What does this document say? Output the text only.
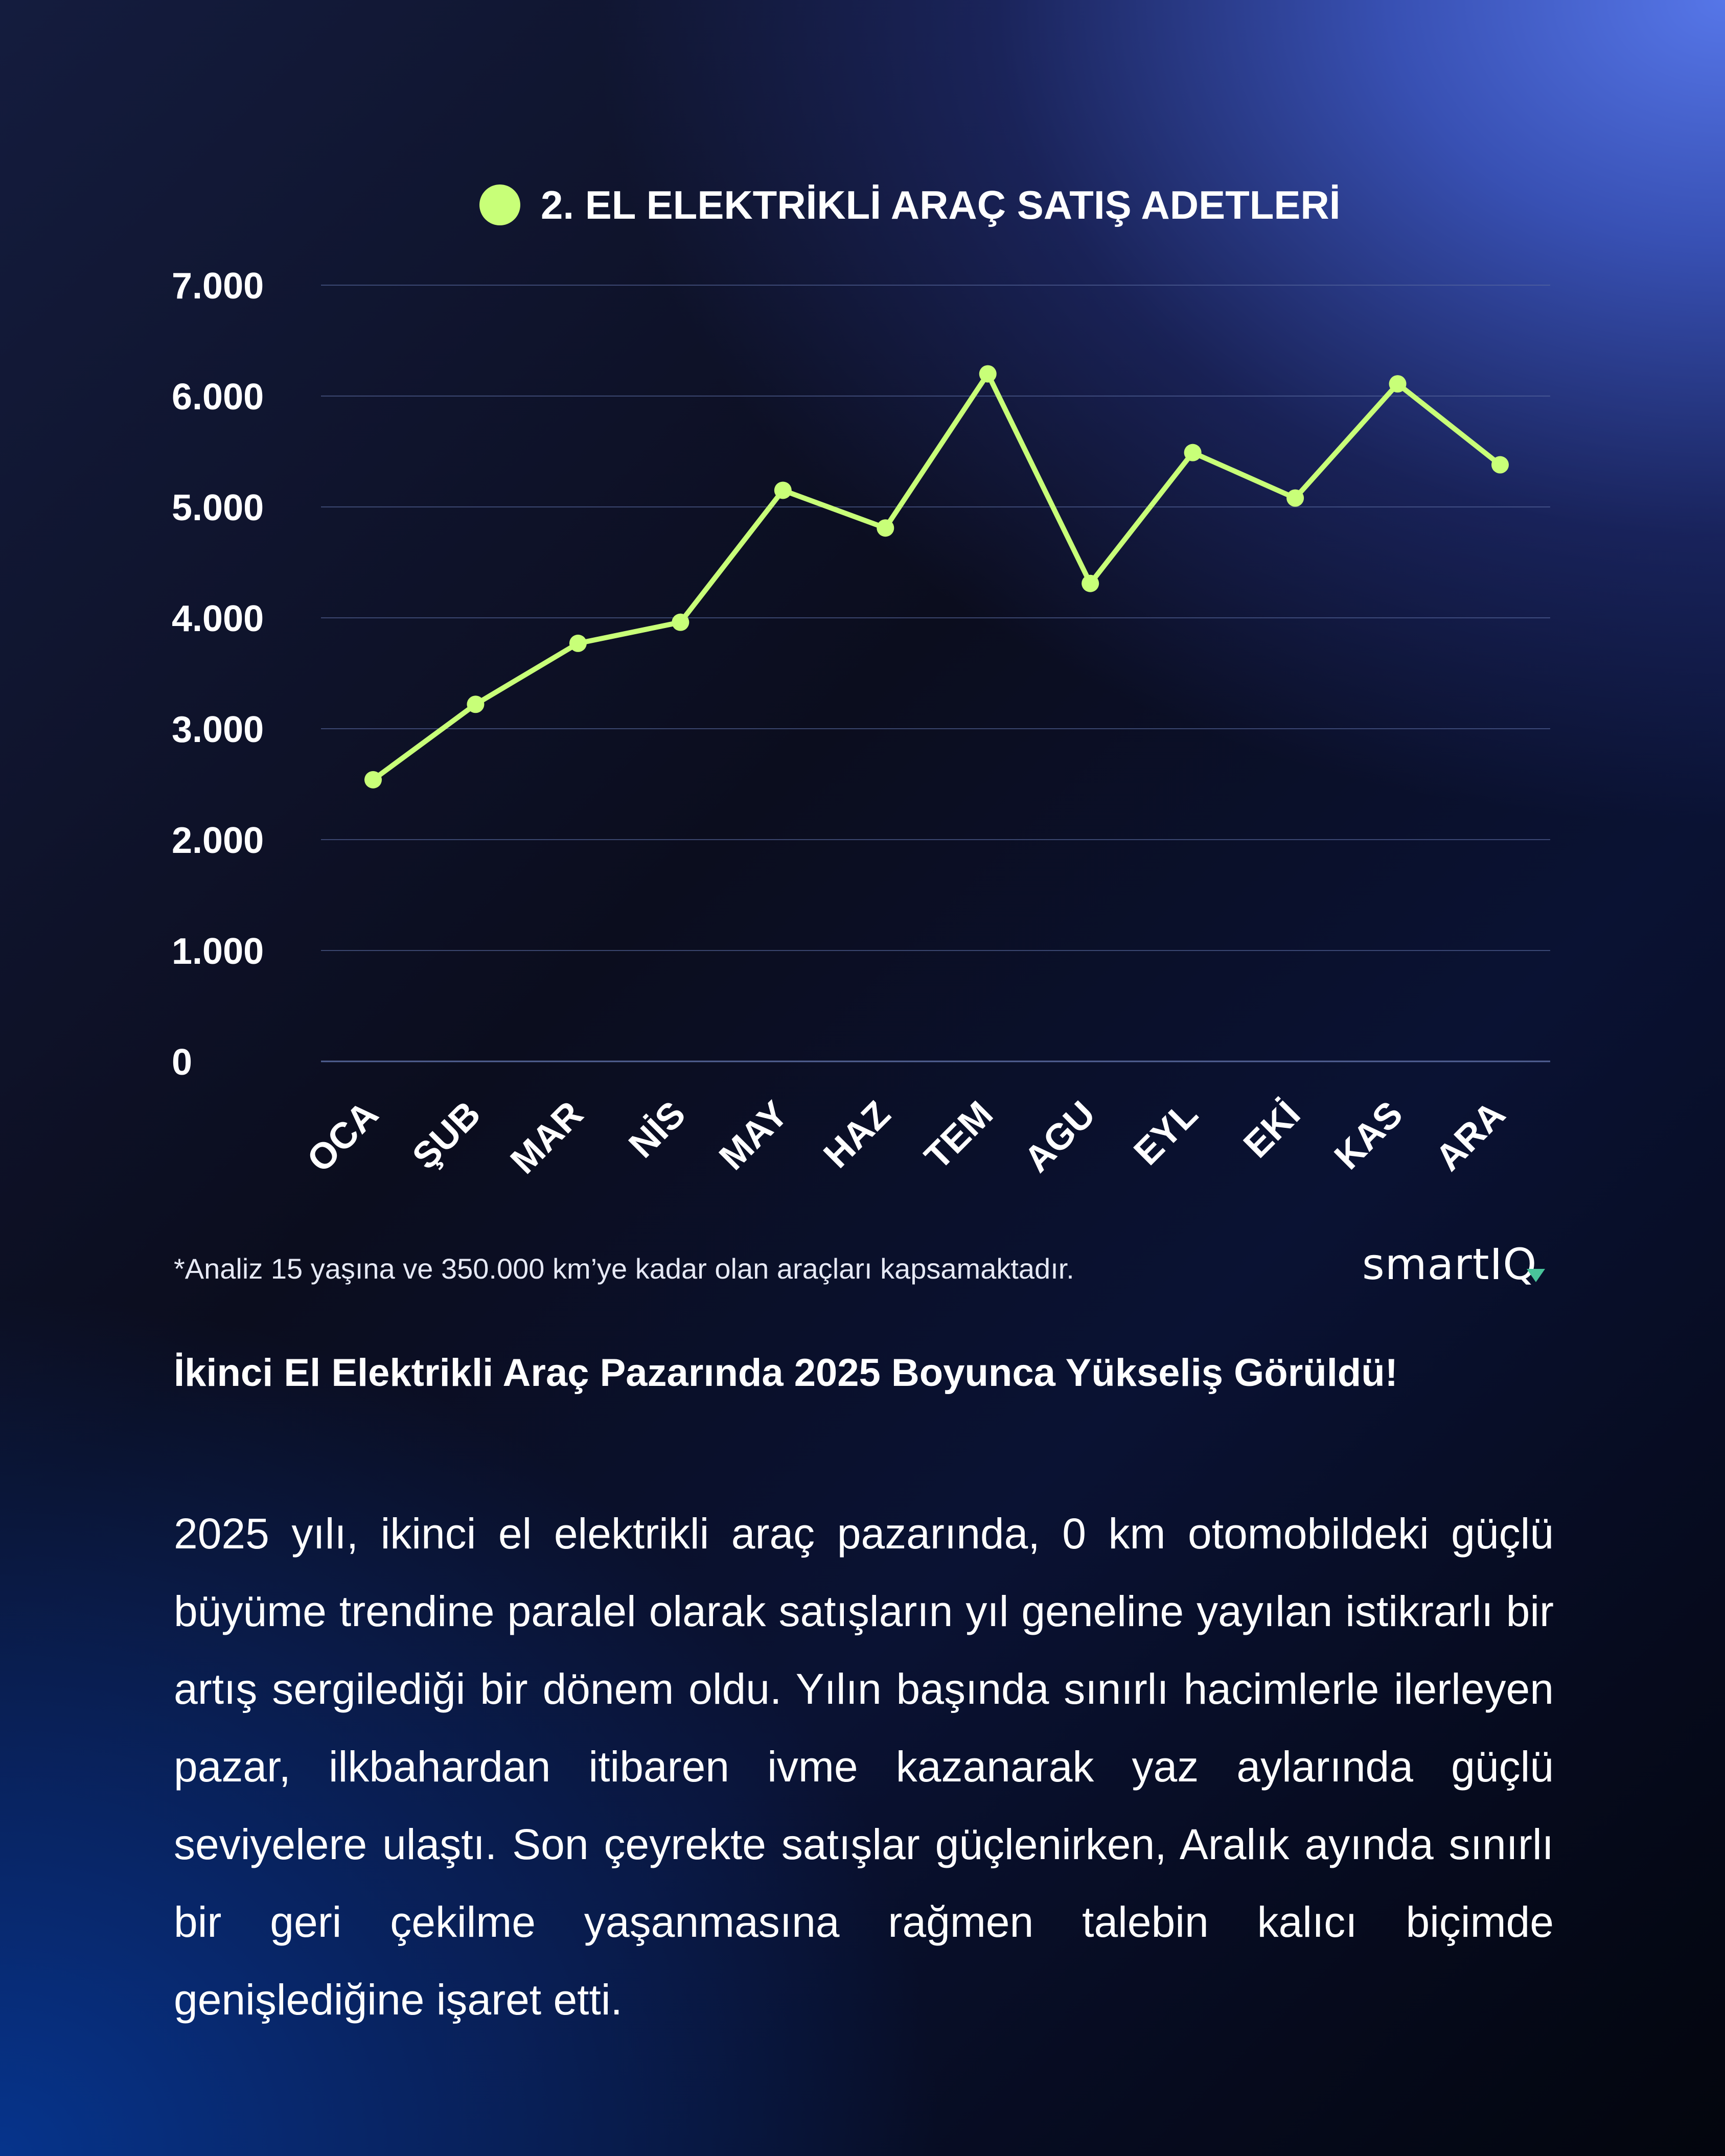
2. EL ELEKTRİKLİ ARAÇ SATIŞ ADETLERİ
0
1.000
2.000
3.000
4.000
5.000
6.000
7.000
OCA ŞUB MAR NİS MAY HAZ TEM AGU EYL EKİ KAS ARA
*Analiz 15 yaşına ve 350.000 km’ye kadar olan araçları kapsamaktadır.	smartIQ
İkinci El Elektrikli Araç Pazarında 2025 Boyunca Yükseliş Görüldü!
2025 yılı, ikinci el elektrikli araç pazarında, 0 km otomobildeki güçlü büyüme trendine paralel olarak satışların yıl geneline yayılan istikrarlı bir artış sergilediği bir dönem oldu. Yılın başında sınırlı hacimlerle ilerleyen pazar, ilkbahardan itibaren ivme kazanarak yaz aylarında güçlü seviyelere ulaştı. Son çeyrekte satışlar güçlenirken, Aralık ayında sınırlı bir geri çekilme yaşanmasına rağmen talebin kalıcı biçimde genişlediğine işaret etti.
